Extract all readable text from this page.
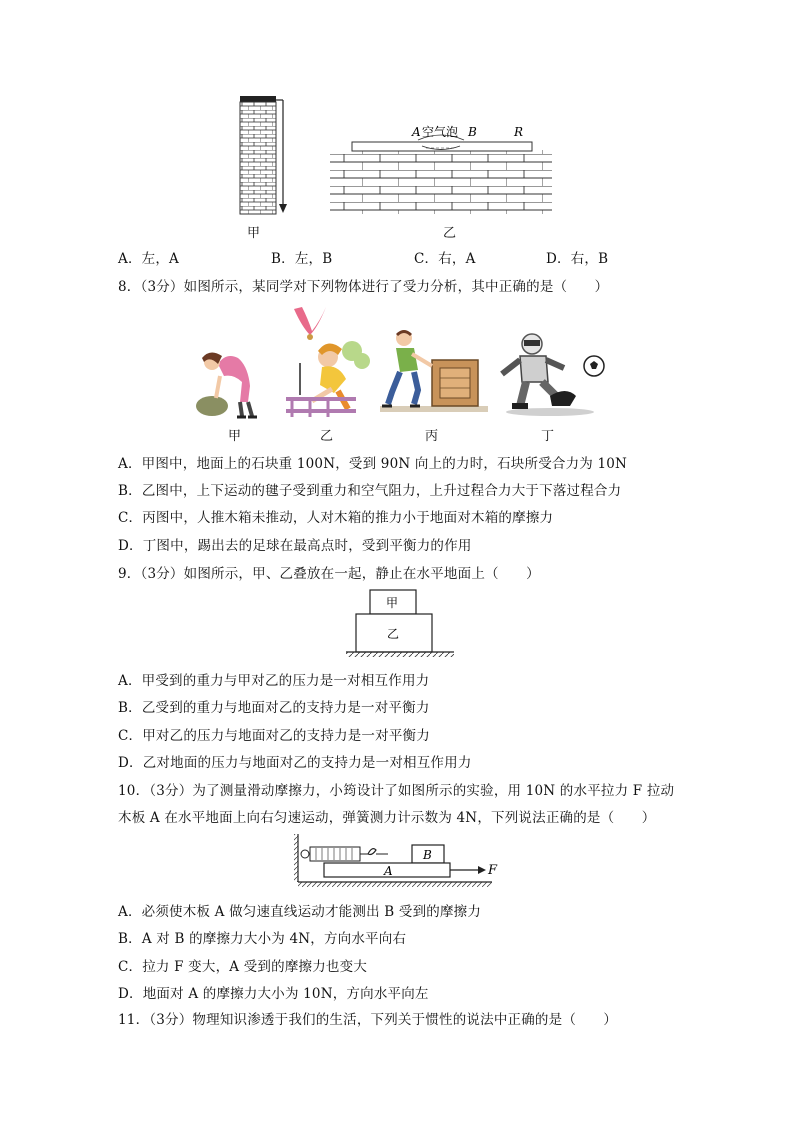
甲
A 空气泡 B	R
乙
A．左，A	B．左，B	C．右，A	D．右，B
8．（3分）如图所示，某同学对下列物体进行了受力分析，其中正确的是（　　）
甲	乙	丙	丁
A．甲图中，地面上的石块重 100N，受到 90N 向上的力时，石块所受合力为 10N
B．乙图中，上下运动的毽子受到重力和空气阻力，上升过程合力大于下落过程合力
C．丙图中，人推木箱未推动，人对木箱的推力小于地面对木箱的摩擦力
D．丁图中，踢出去的足球在最高点时，受到平衡力的作用
9．（3分）如图所示，甲、乙叠放在一起，静止在水平地面上（　　）
甲
乙
A．甲受到的重力与甲对乙的压力是一对相互作用力
B．乙受到的重力与地面对乙的支持力是一对平衡力
C．甲对乙的压力与地面对乙的支持力是一对平衡力
D．乙对地面的压力与地面对乙的支持力是一对相互作用力
10．（3分）为了测量滑动摩擦力，小筠设计了如图所示的实验，用 10N 的水平拉力 F 拉动
木板 A 在水平地面上向右匀速运动，弹簧测力计示数为 4N，下列说法正确的是（　　）
B
A	F
A．必须使木板 A 做匀速直线运动才能测出 B 受到的摩擦力
B．A 对 B 的摩擦力大小为 4N，方向水平向右
C．拉力 F 变大，A 受到的摩擦力也变大
D．地面对 A 的摩擦力大小为 10N，方向水平向左
11．（3分）物理知识渗透于我们的生活，下列关于惯性的说法中正确的是（　　）
